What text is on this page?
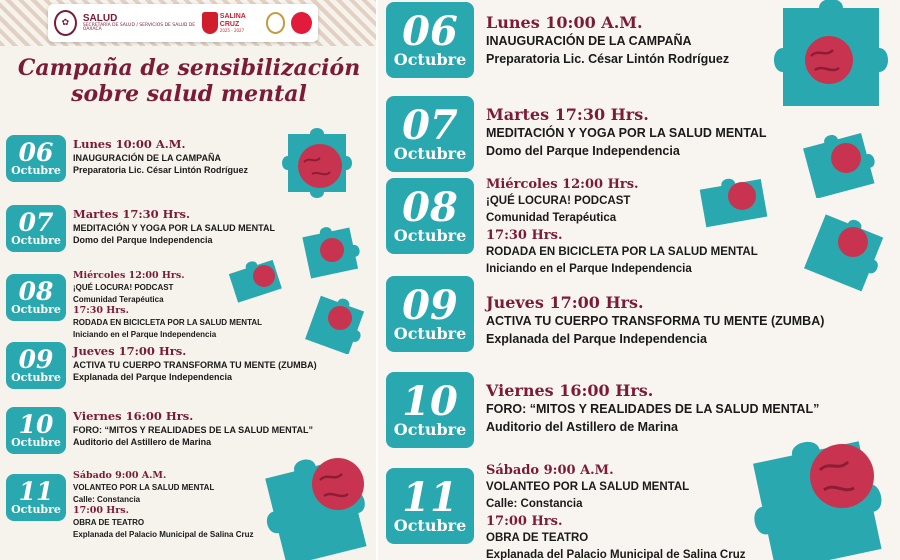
✿	SALUD
SECRETARÍA DE SALUD / SERVICIOS DE SALUD DE OAXACA
SALINA CRUZ
2025 - 2027
Campaña de sensibilización
sobre salud mental
06
Octubre
Lunes 10:00 A.M.
INAUGURACIÓN DE LA CAMPAÑA
Preparatoria Lic. César Lintón Rodríguez
07
Octubre
Martes 17:30 Hrs.
MEDITACIÓN Y YOGA POR LA SALUD MENTAL
Domo del Parque Independencia
08
Octubre
Miércoles 12:00 Hrs.
¡QUÉ LOCURA! PODCAST
Comunidad Terapéutica
17:30 Hrs.
RODADA EN BICICLETA POR LA SALUD MENTAL
Iniciando en el Parque Independencia
09
Octubre
Jueves 17:00 Hrs.
ACTIVA TU CUERPO TRANSFORMA TU MENTE (ZUMBA)
Explanada del Parque Independencia
10
Octubre
Viernes 16:00 Hrs.
FORO: “MITOS Y REALIDADES DE LA SALUD MENTAL”
Auditorio del Astillero de Marina
11
Octubre
Sábado 9:00 A.M.
VOLANTEO POR LA SALUD MENTAL
Calle: Constancia
17:00 Hrs.
OBRA DE TEATRO
Explanada del Palacio Municipal de Salina Cruz
06
Octubre
Lunes 10:00 A.M.
INAUGURACIÓN DE LA CAMPAÑA
Preparatoria Lic. César Lintón Rodríguez
07
Octubre
Martes 17:30 Hrs.
MEDITACIÓN Y YOGA POR LA SALUD MENTAL
Domo del Parque Independencia
08
Octubre
Miércoles 12:00 Hrs.
¡QUÉ LOCURA! PODCAST
Comunidad Terapéutica
17:30 Hrs.
RODADA EN BICICLETA POR LA SALUD MENTAL
Iniciando en el Parque Independencia
09
Octubre
Jueves 17:00 Hrs.
ACTIVA TU CUERPO TRANSFORMA TU MENTE (ZUMBA)
Explanada del Parque Independencia
10
Octubre
Viernes 16:00 Hrs.
FORO: “MITOS Y REALIDADES DE LA SALUD MENTAL”
Auditorio del Astillero de Marina
11
Octubre
Sábado 9:00 A.M.
VOLANTEO POR LA SALUD MENTAL
Calle: Constancia
17:00 Hrs.
OBRA DE TEATRO
Explanada del Palacio Municipal de Salina Cruz
